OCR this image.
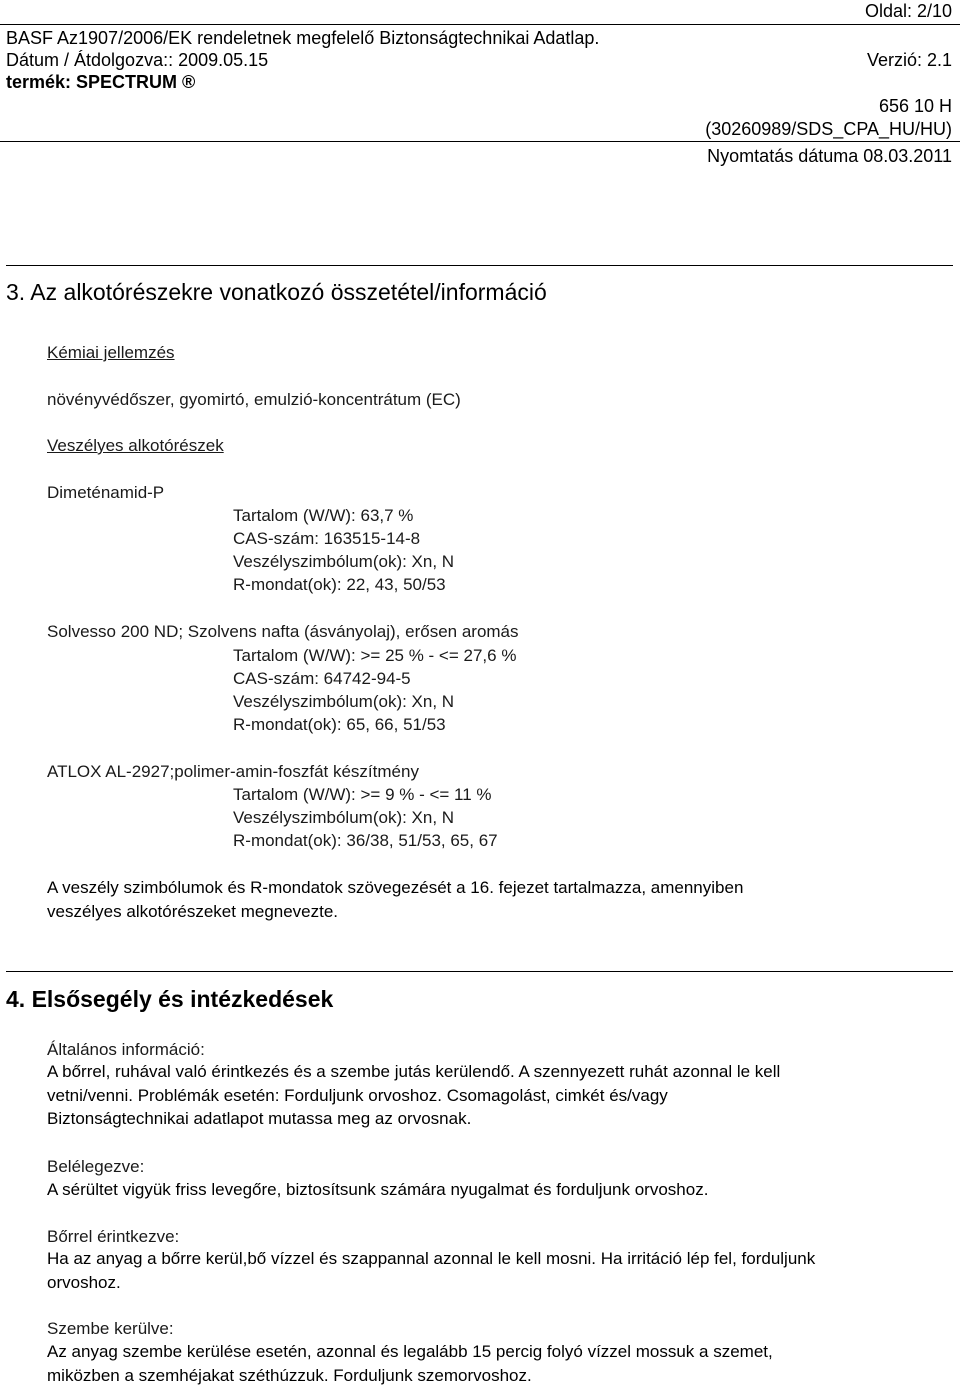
Oldal: 2/10
BASF Az1907/2006/EK rendeletnek megfelelő Biztonságtechnikai Adatlap.
Dátum / Átdolgozva:: 2009.05.15	Verzió: 2.1
termék: SPECTRUM ®
656 10 H
(30260989/SDS_CPA_HU/HU)
Nyomtatás dátuma 08.03.2011
3. Az alkotórészekre vonatkozó összetétel/információ
Kémiai jellemzés
növényvédőszer, gyomirtó, emulzió-koncentrátum (EC)
Veszélyes alkotórészek
Dimeténamid-P
Tartalom (W/W): 63,7 %
CAS-szám: 163515-14-8
Veszélyszimbólum(ok): Xn, N
R-mondat(ok): 22, 43, 50/53
Solvesso 200 ND; Szolvens nafta (ásványolaj), erősen aromás
Tartalom (W/W): >= 25 % - <= 27,6 %
CAS-szám: 64742-94-5
Veszélyszimbólum(ok): Xn, N
R-mondat(ok): 65, 66, 51/53
ATLOX AL-2927;polimer-amin-foszfát készítmény
Tartalom (W/W): >= 9 % - <= 11 %
Veszélyszimbólum(ok): Xn, N
R-mondat(ok): 36/38, 51/53, 65, 67
A veszély szimbólumok és R-mondatok szövegezését a 16. fejezet tartalmazza, amennyiben
veszélyes alkotórészeket megnevezte.
4. Elsősegély és intézkedések
Általános információ:
A bőrrel, ruhával való érintkezés és a szembe jutás kerülendő. A szennyezett ruhát azonnal le kell
vetni/venni. Problémák esetén: Forduljunk orvoshoz. Csomagolást, cimkét és/vagy
Biztonságtechnikai adatlapot mutassa meg az orvosnak.
Belélegezve:
A sérültet vigyük friss levegőre, biztosítsunk számára nyugalmat és forduljunk orvoshoz.
Bőrrel érintkezve:
Ha az anyag a bőrre kerül,bő vízzel és szappannal azonnal le kell mosni. Ha irritáció lép fel, forduljunk
orvoshoz.
Szembe kerülve:
Az anyag szembe kerülése esetén, azonnal és legalább 15 percig folyó vízzel mossuk a szemet,
miközben a szemhéjakat széthúzzuk. Forduljunk szemorvoshoz.
